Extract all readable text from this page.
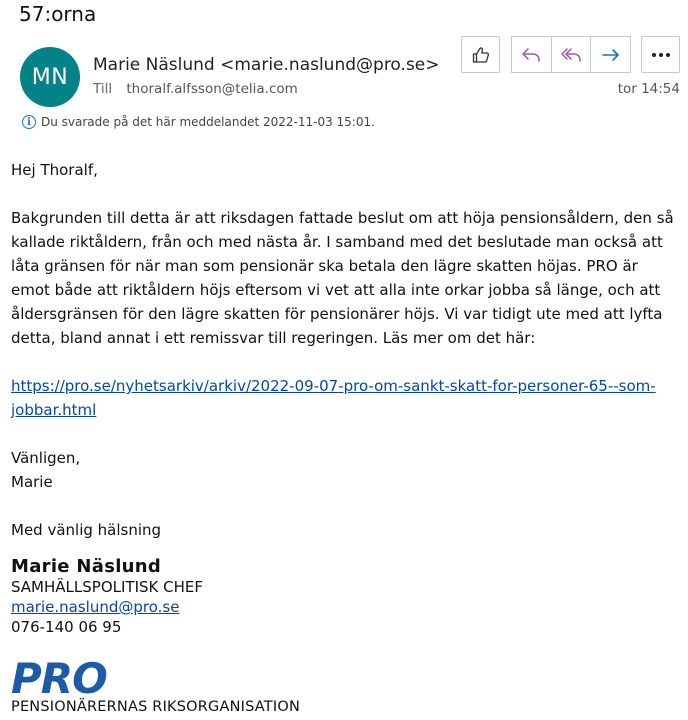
57:orna
MN	Marie Näslund <marie.naslund@pro.se>
Till thoralf.alfsson@telia.com	tor 14:54
i Du svarade på det här meddelandet 2022-11-03 15:01.

Hej Thoralf,

Bakgrunden till detta är att riksdagen fattade beslut om att höja pensionsåldern, den så kallade riktåldern, från och med nästa år. I samband med det beslutade man också att låta gränsen för när man som pensionär ska betala den lägre skatten höjas. PRO är emot både att riktåldern höjs eftersom vi vet att alla inte orkar jobba så länge, och att åldersgränsen för den lägre skatten för pensionärer höjs. Vi var tidigt ute med att lyfta detta, bland annat i ett remissvar till regeringen. Läs mer om det här:

https://pro.se/nyhetsarkiv/arkiv/2022-09-07-pro-om-sankt-skatt-for-personer-65--som-jobbar.html

Vänligen,

Marie

Med vänlig hälsning

Marie Näslund
SAMHÄLLSPOLITISK CHEF
marie.naslund@pro.se
076-140 06 95
PRO
PENSIONÄRERNAS RIKSORGANISATION
